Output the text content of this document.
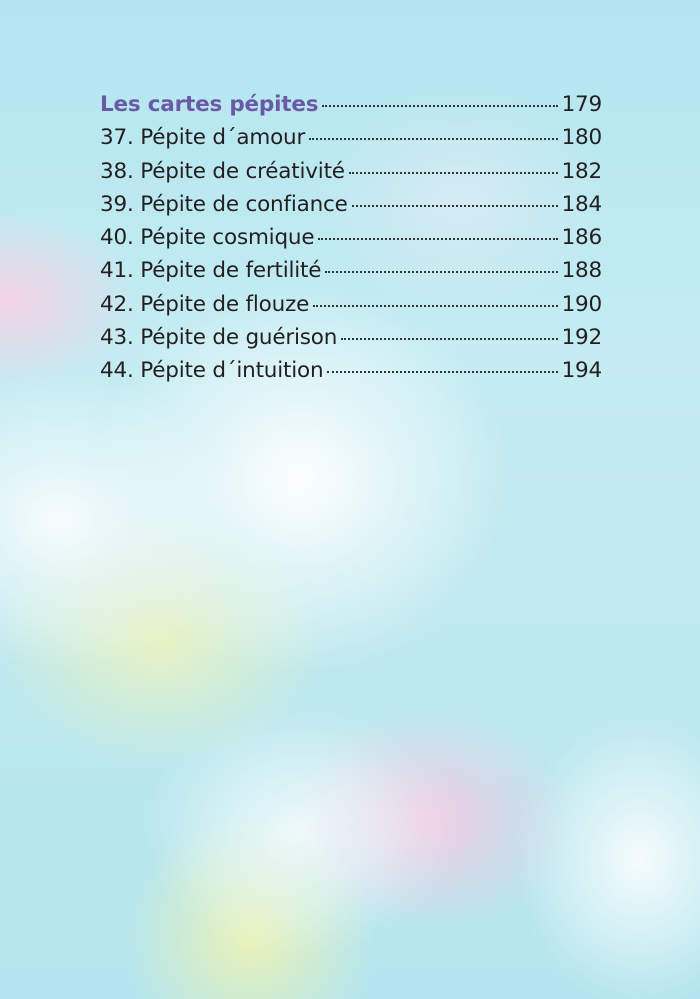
Les cartes pépites	179
37. Pépite d´amour	180
38. Pépite de créativité	182
39. Pépite de confiance	184
40. Pépite cosmique	186
41. Pépite de fertilité	188
42. Pépite de flouze	190
43. Pépite de guérison	192
44. Pépite d´intuition	194
